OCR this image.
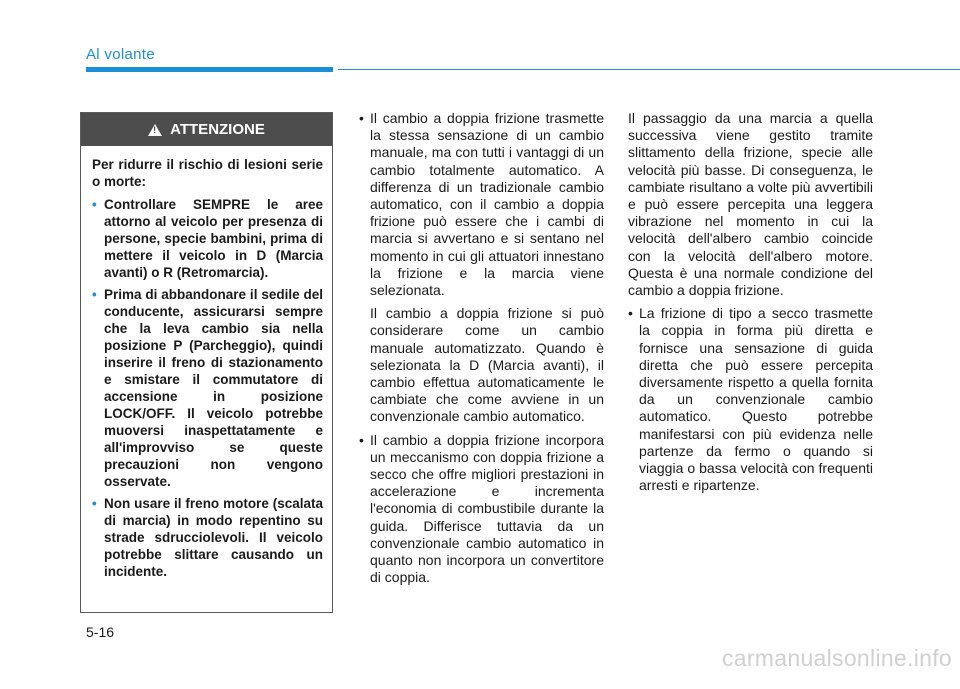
Al volante
!
ATTENZIONE

Per ridurre il rischio di lesioni serie o morte:

• Controllare SEMPRE le aree attorno al veicolo per presenza di persone, specie bambini, prima di mettere il veicolo in D (Marcia avanti) o R (Retromarcia).
• Prima di abbandonare il sedile del conducente, assicurarsi sempre che la leva cambio sia nella posizione P (Parcheggio), quindi inserire il freno di stazionamento e smistare il commutatore di accensione in posizione LOCK/OFF. Il veicolo potrebbe muoversi inaspettatamente e all'improvviso se queste precauzioni non vengono osservate.
• Non usare il freno motore (scalata di marcia) in modo repentino su strade sdrucciolevoli. Il veicolo potrebbe slittare causando un incidente.
• Il cambio a doppia frizione trasmette la stessa sensazione di un cambio manuale, ma con tutti i vantaggi di un cambio totalmente automatico. A differenza di un tradizionale cambio automatico, con il cambio a doppia frizione può essere che i cambi di marcia si avvertano e si sentano nel momento in cui gli attuatori innestano la frizione e la marcia viene selezionata.

Il cambio a doppia frizione si può considerare come un cambio manuale automatizzato. Quando è selezionata la D (Marcia avanti), il cambio effettua automaticamente le cambiate che come avviene in un convenzionale cambio automatico.

• Il cambio a doppia frizione incorpora un meccanismo con doppia frizione a secco che offre migliori prestazioni in accelerazione e incrementa l'economia di combustibile durante la guida. Differisce tuttavia da un convenzionale cambio automatico in quanto non incorpora un convertitore di coppia.

Il passaggio da una marcia a quella successiva viene gestito tramite slittamento della frizione, specie alle velocità più basse. Di conseguenza, le cambiate risultano a volte più avvertibili e può essere percepita una leggera vibrazione nel momento in cui la velocità dell'albero cambio coincide con la velocità dell'albero motore. Questa è una normale condizione del cambio a doppia frizione.

• La frizione di tipo a secco trasmette la coppia in forma più diretta e fornisce una sensazione di guida diretta che può essere percepita diversamente rispetto a quella fornita da un convenzionale cambio automatico. Questo potrebbe manifestarsi con più evidenza nelle partenze da fermo o quando si viaggia o bassa velocità con frequenti arresti e ripartenze.
5-16
carmanualsonline.info
